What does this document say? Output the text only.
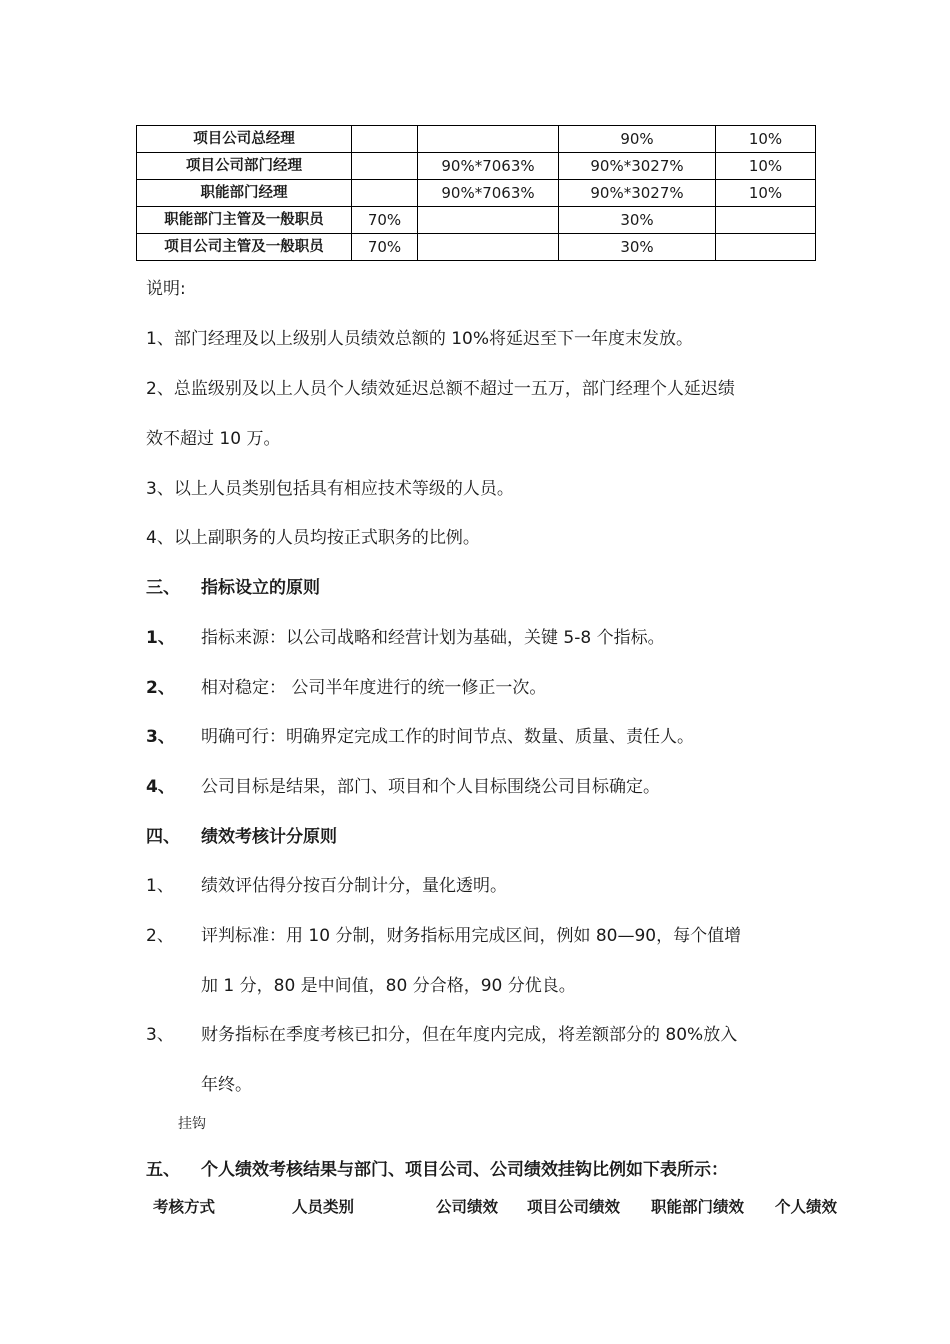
项目公司总经理			90%	10%
项目公司部门经理		90%*7063%	90%*3027%	10%
职能部门经理		90%*7063%	90%*3027%	10%
职能部门主管及一般职员	70%		30%	
项目公司主管及一般职员	70%		30%	
说明:
1、部门经理及以上级别人员绩效总额的 10%将延迟至下一年度末发放。
2、总监级别及以上人员个人绩效延迟总额不超过一五万，部门经理个人延迟绩
效不超过 10 万。
3、以上人员类别包括具有相应技术等级的人员。
4、以上副职务的人员均按正式职务的比例。
三、 指标设立的原则
1、 指标来源：以公司战略和经营计划为基础，关键 5-8 个指标。
2、 相对稳定： 公司半年度进行的统一修正一次。
3、 明确可行：明确界定完成工作的时间节点、数量、质量、责任人。
4、 公司目标是结果，部门、项目和个人目标围绕公司目标确定。
四、 绩效考核计分原则
1、 绩效评估得分按百分制计分，量化透明。
2、 评判标准：用 10 分制，财务指标用完成区间，例如 80—90，每个值增
加 1 分，80 是中间值，80 分合格，90 分优良。
3、 财务指标在季度考核已扣分，但在年度内完成，将差额部分的 80%放入
年终。
挂钩
五、 个人绩效考核结果与部门、项目公司、公司绩效挂钩比例如下表所示：
考核方式	人员类别	公司绩效 项目公司绩效 职能部门绩效 个人绩效
